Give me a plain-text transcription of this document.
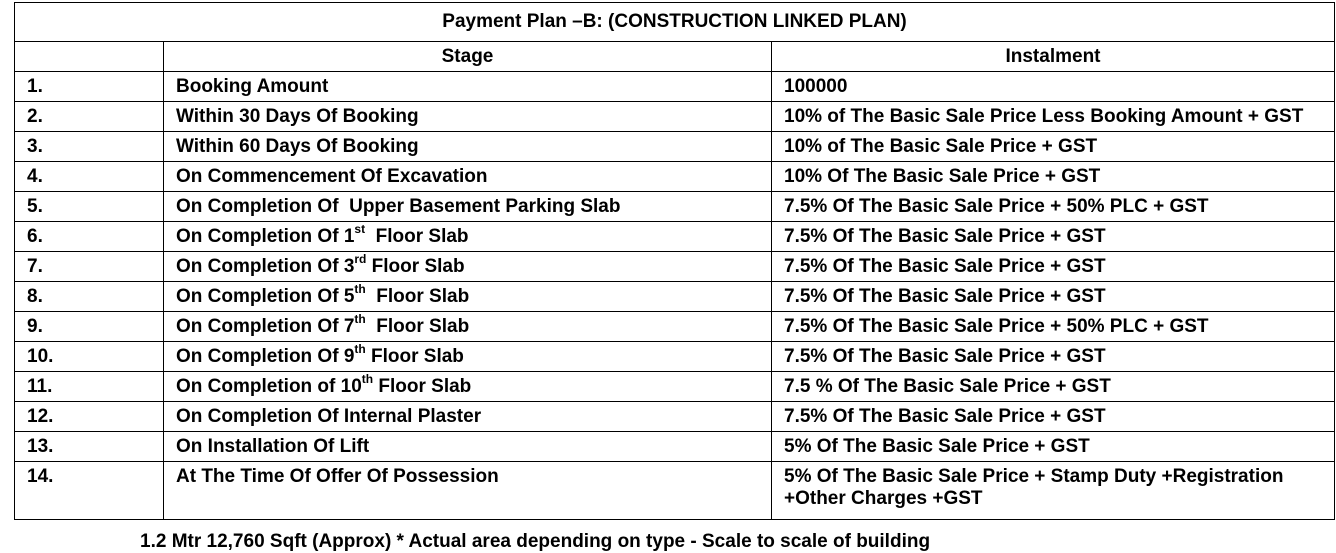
Payment Plan –B: (CONSTRUCTION LINKED PLAN)		
	Stage	Instalment
1.	Booking Amount	100000
2.	Within 30 Days Of Booking	10% of The Basic Sale Price Less Booking Amount + GST
3.	Within 60 Days Of Booking	10% of The Basic Sale Price + GST
4.	On Commencement Of Excavation	10% Of The Basic Sale Price + GST
5.	On Completion Of  Upper Basement Parking Slab	7.5% Of The Basic Sale Price + 50% PLC + GST
6.	On Completion Of 1st  Floor Slab	7.5% Of The Basic Sale Price + GST
7.	On Completion Of 3rd Floor Slab	7.5% Of The Basic Sale Price + GST
8.	On Completion Of 5th  Floor Slab	7.5% Of The Basic Sale Price + GST
9.	On Completion Of 7th  Floor Slab	7.5% Of The Basic Sale Price + 50% PLC + GST
10.	On Completion Of 9th Floor Slab	7.5% Of The Basic Sale Price + GST
11.	On Completion of 10th Floor Slab	7.5 % Of The Basic Sale Price + GST
12.	On Completion Of Internal Plaster	7.5% Of The Basic Sale Price + GST
13.	On Installation Of Lift	5% Of The Basic Sale Price + GST
14.	At The Time Of Offer Of Possession	5% Of The Basic Sale Price + Stamp Duty +Registration +Other Charges +GST
1.2 Mtr 12,760 Sqft (Approx) * Actual area depending on type - Scale to scale of building
